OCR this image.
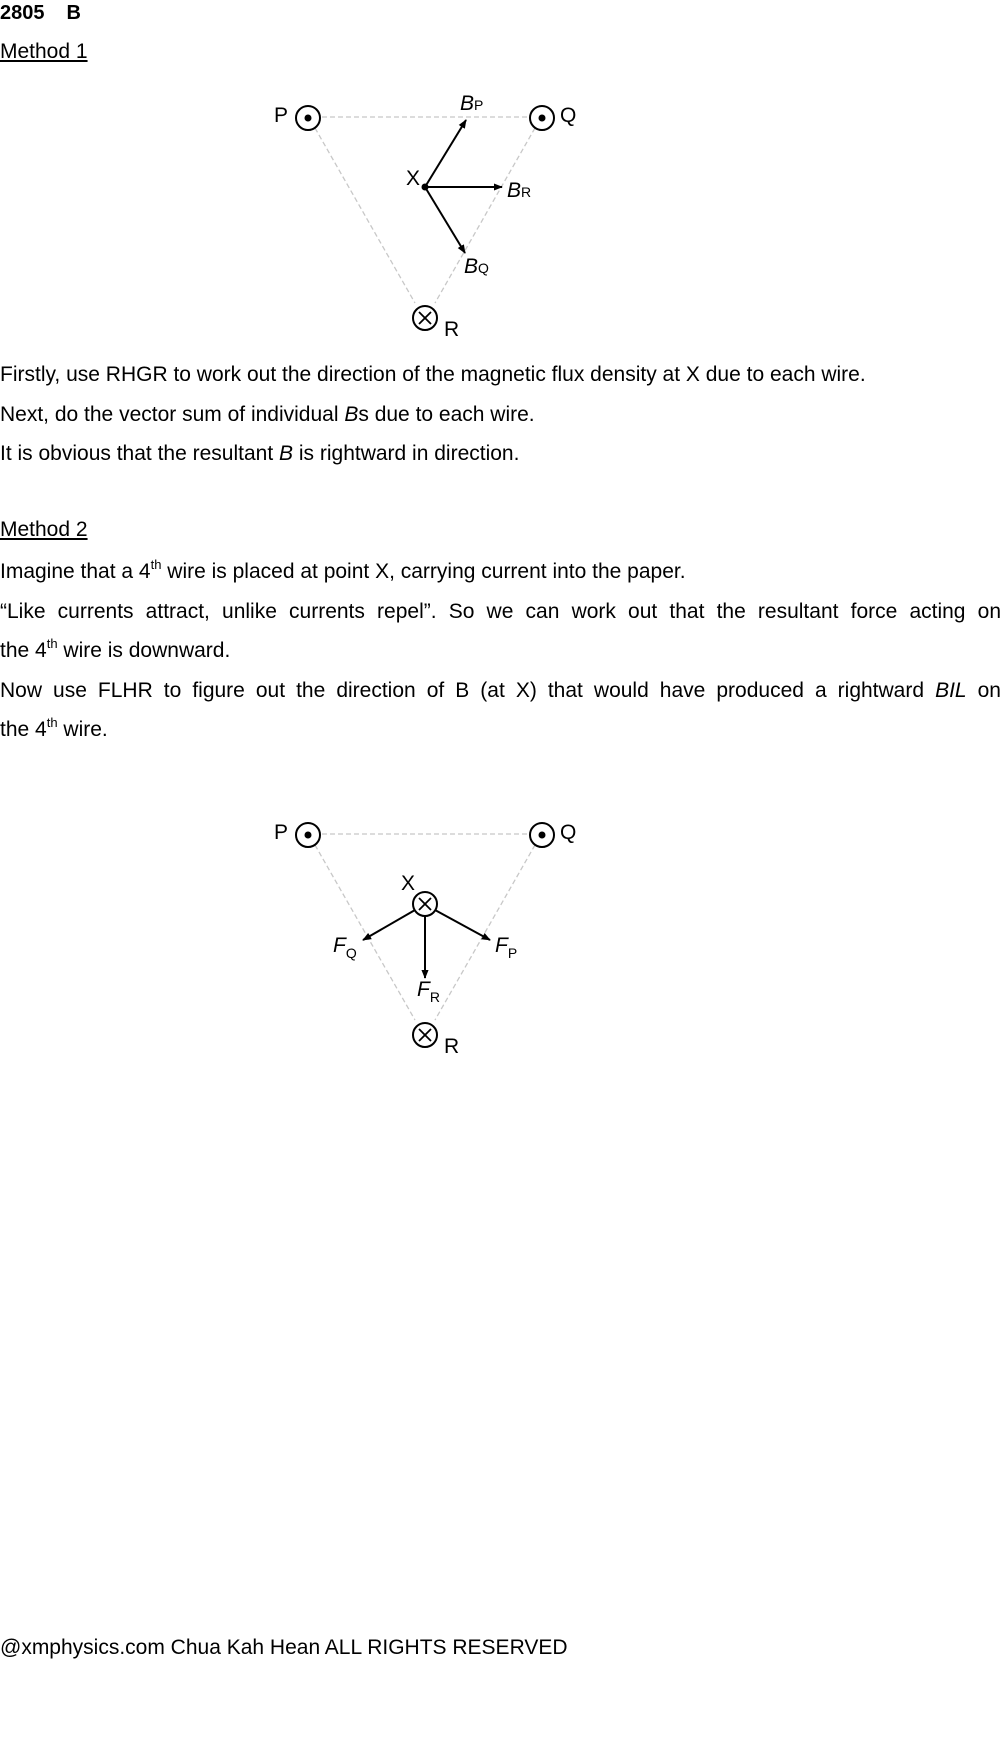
2805 B
Method 1
P	Q
R
X
BP
BR
BQ

Firstly, use RHGR to work out the direction of the magnetic flux density at X due to each wire.

Next, do the vector sum of individual Bs due to each wire.

It is obvious that the resultant B is rightward in direction.

Method 2

Imagine that a 4th wire is placed at point X, carrying current into the paper.

“Like currents attract, unlike currents repel”. So we can work out that the resultant force acting on

the 4th wire is downward.

Now use FLHR to figure out the direction of B (at X) that would have produced a rightward BIL on

the 4th wire.

P	Q
R
X
$F_Q$	$F_P$
$F_R$
@xmphysics.com Chua Kah Hean ALL RIGHTS RESERVED
